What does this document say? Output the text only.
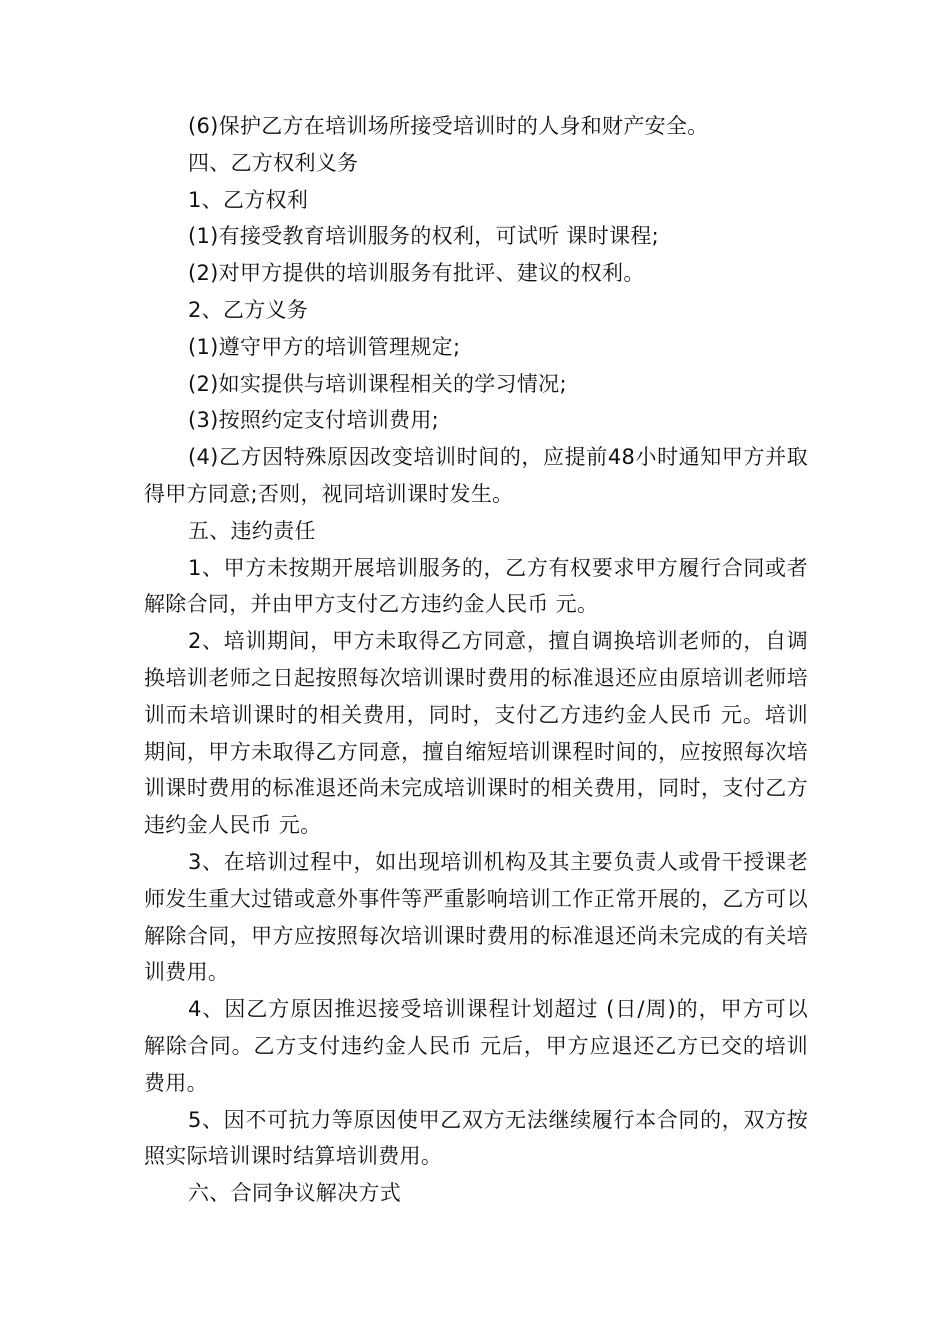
(6)保护乙方在培训场所接受培训时的人身和财产安全。

四、乙方权利义务

1、乙方权利

(1)有接受教育培训服务的权利，可试听 课时课程;

(2)对甲方提供的培训服务有批评、建议的权利。

2、乙方义务

(1)遵守甲方的培训管理规定;

(2)如实提供与培训课程相关的学习情况;

(3)按照约定支付培训费用;

(4)乙方因特殊原因改变培训时间的，应提前48小时通知甲方并取得甲方同意;否则，视同培训课时发生。

五、违约责任

1、甲方未按期开展培训服务的，乙方有权要求甲方履行合同或者解除合同，并由甲方支付乙方违约金人民币 元。

2、培训期间，甲方未取得乙方同意，擅自调换培训老师的，自调换培训老师之日起按照每次培训课时费用的标准退还应由原培训老师培训而未培训课时的相关费用，同时，支付乙方违约金人民币 元。培训期间，甲方未取得乙方同意，擅自缩短培训课程时间的，应按照每次培训课时费用的标准退还尚未完成培训课时的相关费用，同时，支付乙方违约金人民币 元。

3、在培训过程中，如出现培训机构及其主要负责人或骨干授课老师发生重大过错或意外事件等严重影响培训工作正常开展的，乙方可以解除合同，甲方应按照每次培训课时费用的标准退还尚未完成的有关培训费用。

4、因乙方原因推迟接受培训课程计划超过 (日/周)的，甲方可以解除合同。乙方支付违约金人民币 元后，甲方应退还乙方已交的培训费用。

5、因不可抗力等原因使甲乙双方无法继续履行本合同的，双方按照实际培训课时结算培训费用。

六、合同争议解决方式
